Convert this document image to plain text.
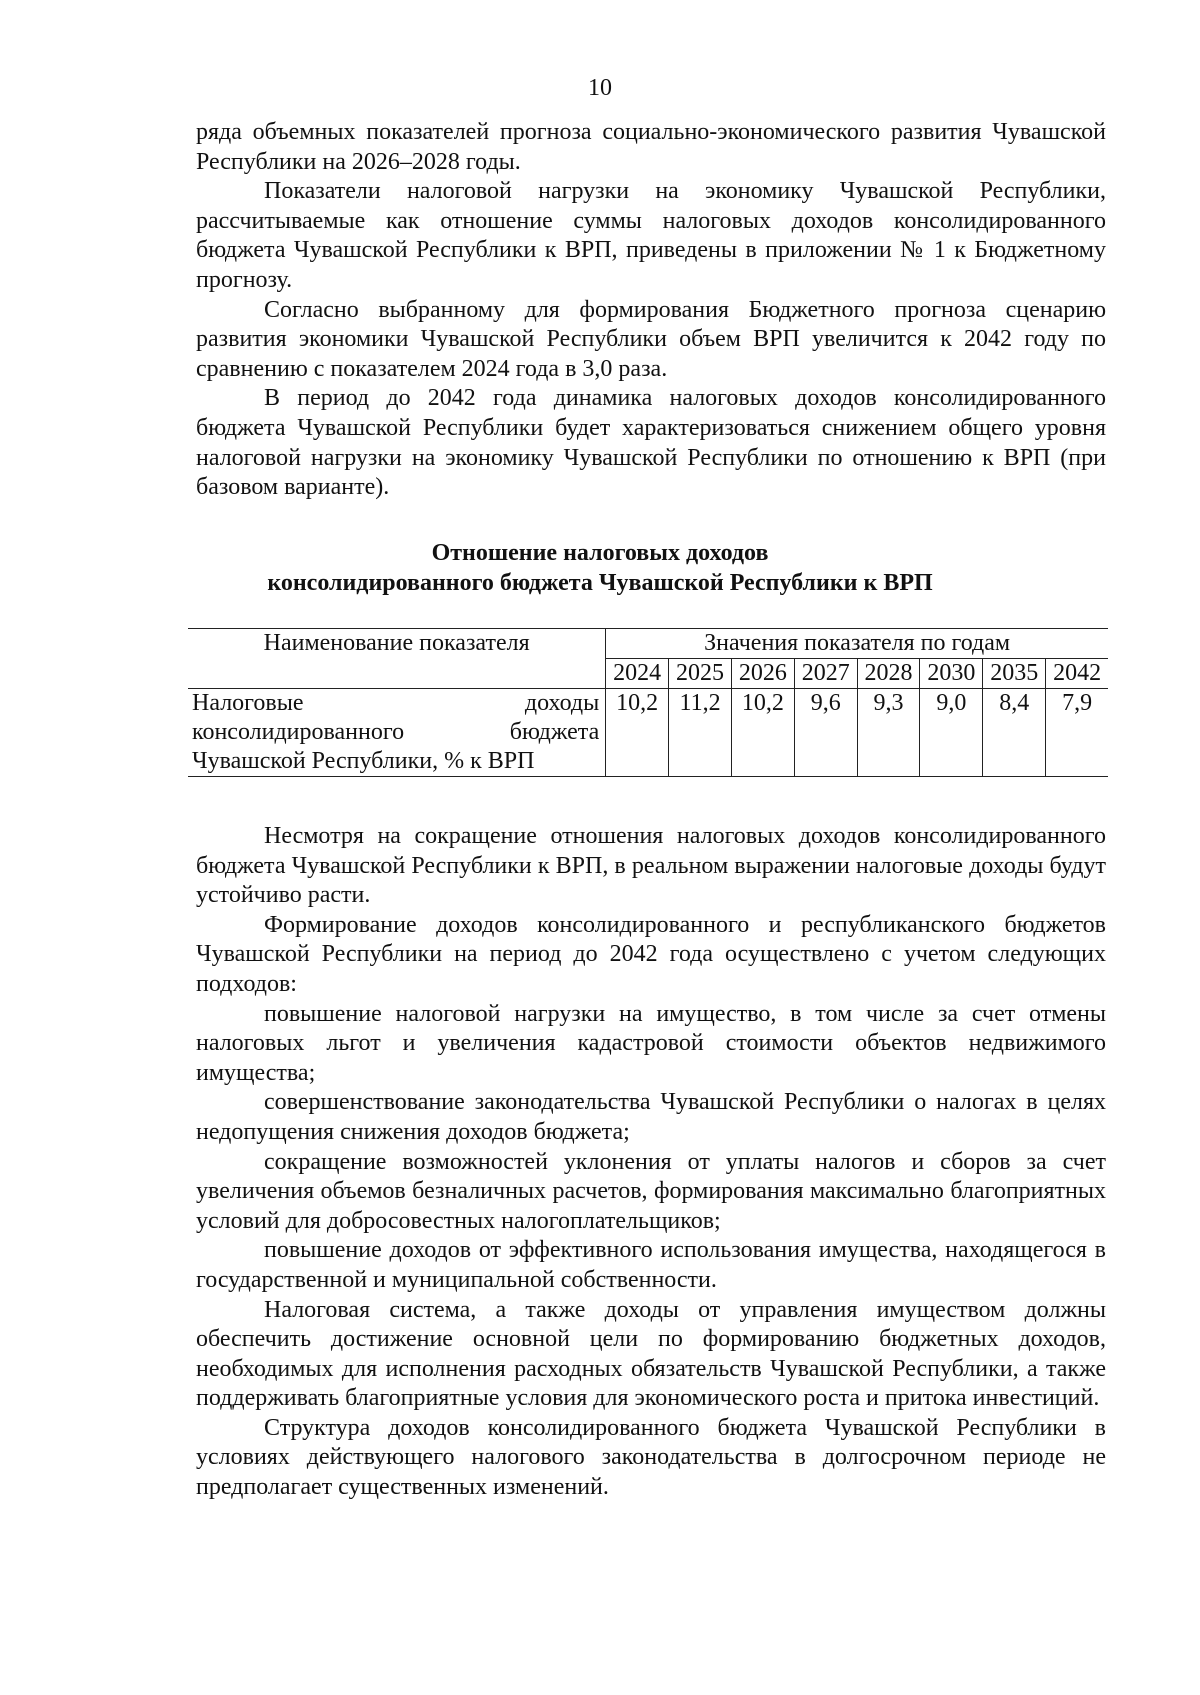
10

ряда объемных показателей прогноза социально-экономического развития Чувашской Республики на 2026–2028 годы.

Показатели налоговой нагрузки на экономику Чувашской Республики, рассчитываемые как отношение суммы налоговых доходов консолидированного бюджета Чувашской Республики к ВРП, приведены в приложении № 1 к Бюджетному прогнозу.

Согласно выбранному для формирования Бюджетного прогноза сценарию развития экономики Чувашской Республики объем ВРП увеличится к 2042 году по сравнению с показателем 2024 года в 3,0 раза.

В период до 2042 года динамика налоговых доходов консолидированного бюджета Чувашской Республики будет характеризоваться снижением общего уровня налоговой нагрузки на экономику Чувашской Республики по отношению к ВРП (при базовом варианте).

Отношение налоговых доходов
консолидированного бюджета Чувашской Республики к ВРП
Наименование показателя	Значения показателя по годам							
	2024	2025	2026	2027	2028	2030	2035	2042
Налоговые доходы консолидированного бюджета Чувашской Республики, % к ВРП	10,2	11,2	10,2	9,6	9,3	9,0	8,4	7,9

Несмотря на сокращение отношения налоговых доходов консолидированного бюджета Чувашской Республики к ВРП, в реальном выражении налоговые доходы будут устойчиво расти.

Формирование доходов консолидированного и республиканского бюджетов Чувашской Республики на период до 2042 года осуществлено с учетом следующих подходов:

повышение налоговой нагрузки на имущество, в том числе за счет отмены налоговых льгот и увеличения кадастровой стоимости объектов недвижимого имущества;

совершенствование законодательства Чувашской Республики о налогах в целях недопущения снижения доходов бюджета;

сокращение возможностей уклонения от уплаты налогов и сборов за счет увеличения объемов безналичных расчетов, формирования максимально благоприятных условий для добросовестных налогоплательщиков;

повышение доходов от эффективного использования имущества, находящегося в государственной и муниципальной собственности.

Налоговая система, а также доходы от управления имуществом должны обеспечить достижение основной цели по формированию бюджетных доходов, необходимых для исполнения расходных обязательств Чувашской Республики, а также поддерживать благоприятные условия для экономического роста и притока инвестиций.

Структура доходов консолидированного бюджета Чувашской Республики в условиях действующего налогового законодательства в долгосрочном периоде не предполагает существенных изменений.
